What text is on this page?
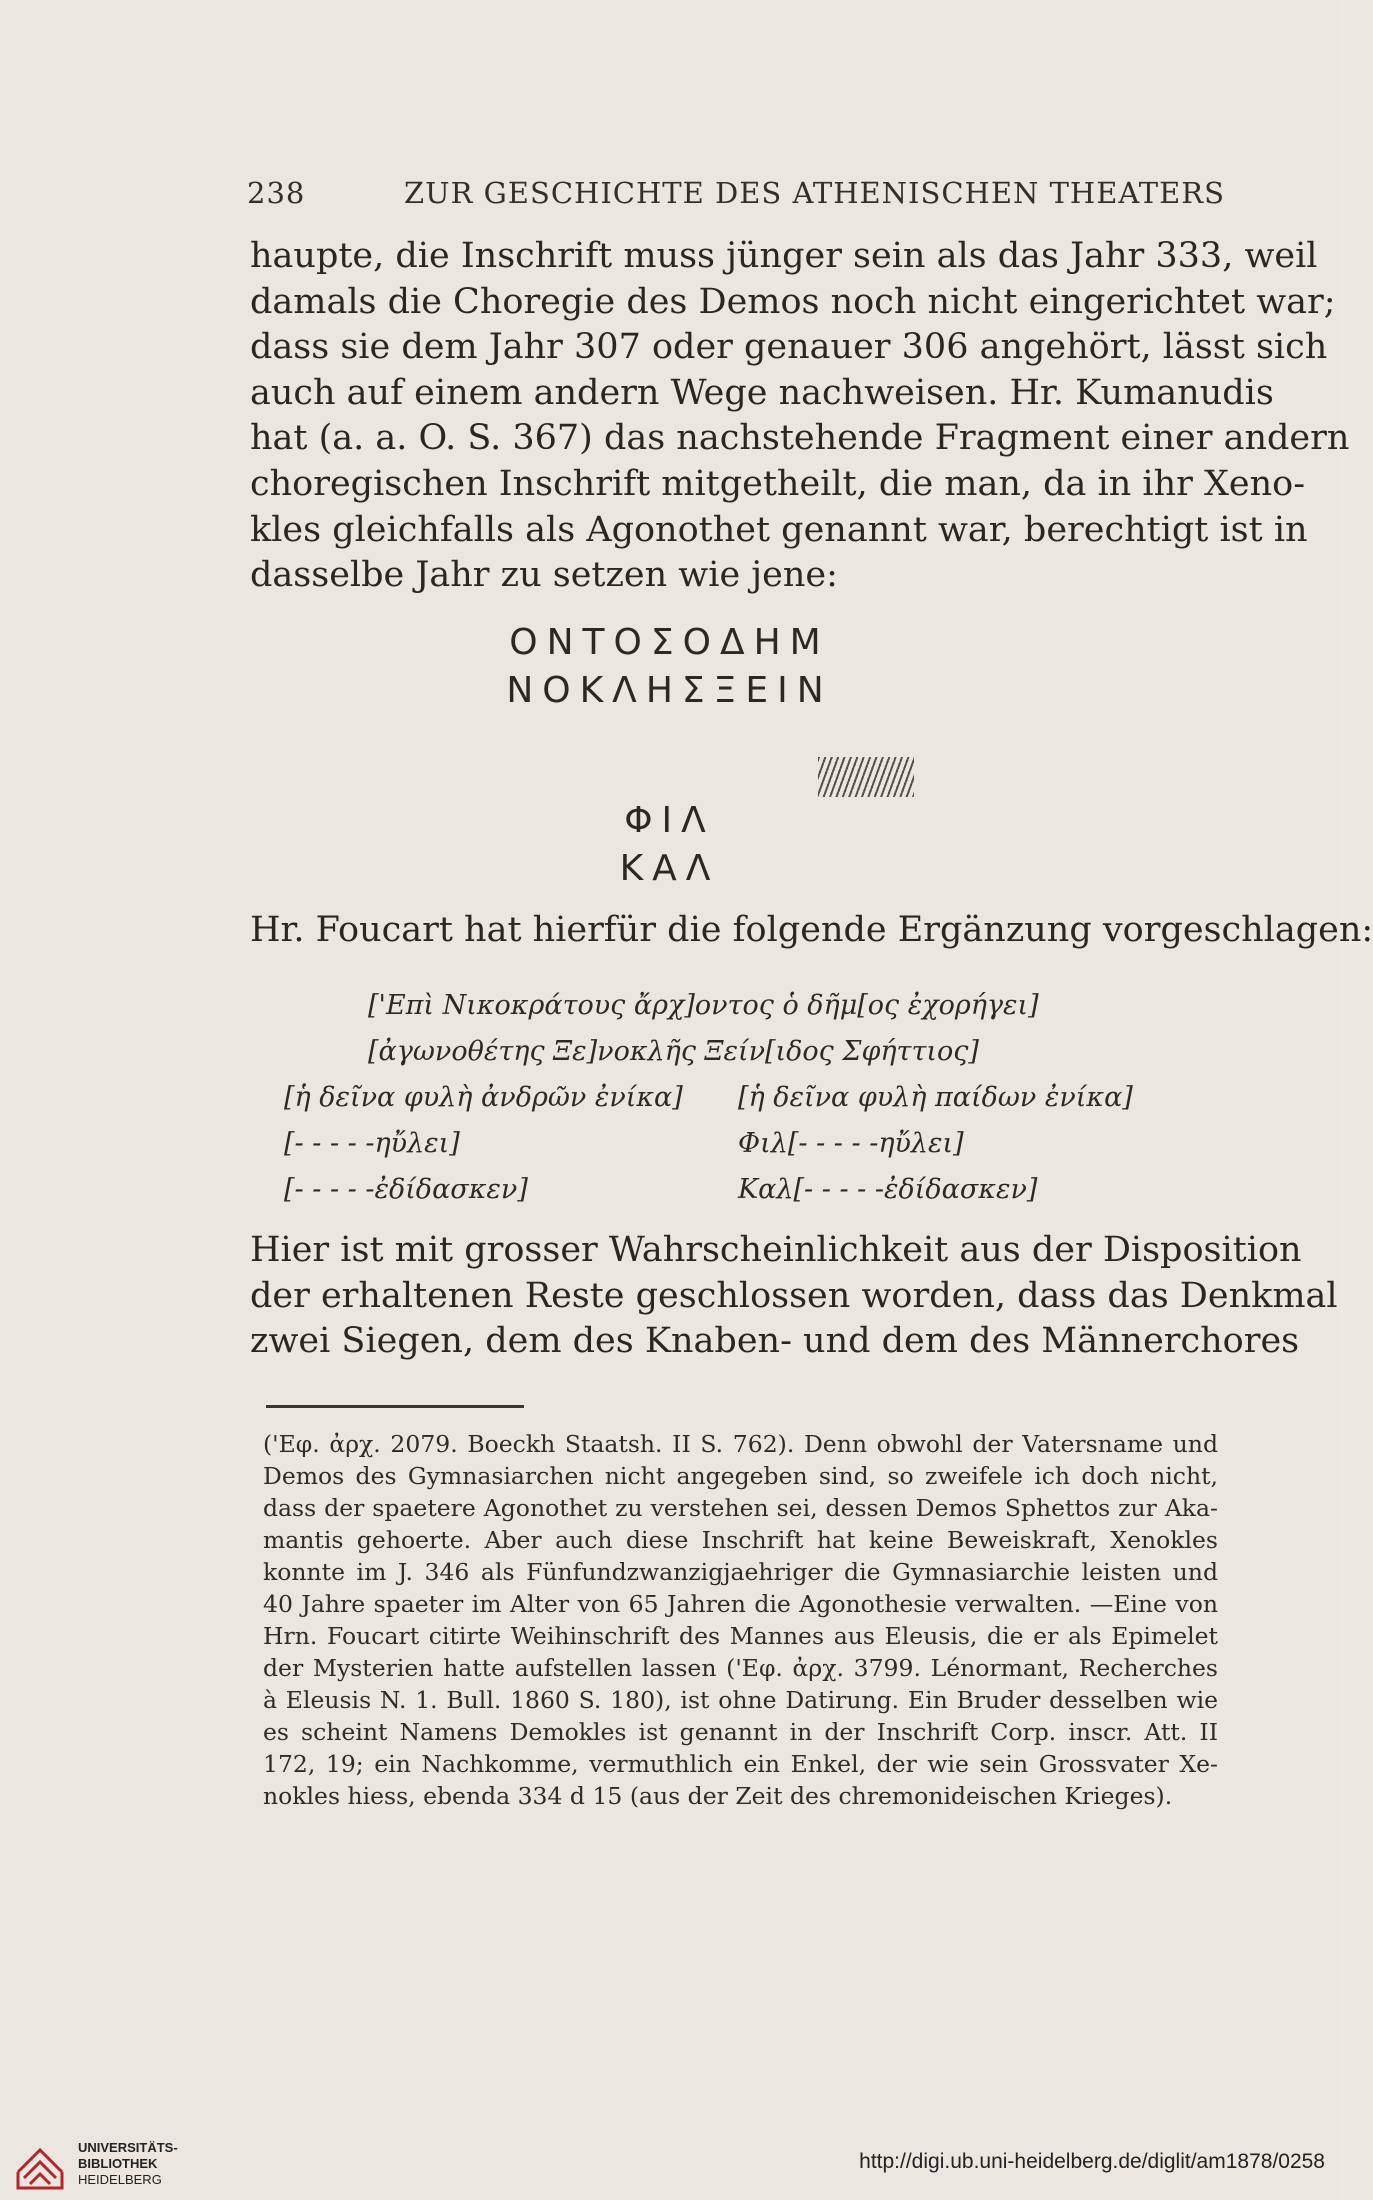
238	ZUR GESCHICHTE DES ATHENISCHEN THEATERS
haupte, die Inschrift muss jünger sein als das Jahr 333, weil
damals die Choregie des Demos noch nicht eingerichtet war;
dass sie dem Jahr 307 oder genauer 306 angehört, lässt sich
auch auf einem andern Wege nachweisen. Hr. Kumanudis
hat (a. a. O. S. 367) das nachstehende Fragment einer andern
choregischen Inschrift mitgetheilt, die man, da in ihr Xeno-
kles gleichfalls als Agonothet genannt war, berechtigt ist in
dasselbe Jahr zu setzen wie jene:
ΟΝΤΟΣΟΔΗΜ
ΝΟΚΛΗΣΞΕΙΝ
ΦΙΛ
ΚΑΛ
Hr. Foucart hat hierfür die folgende Ergänzung vorgeschlagen:
['Επὶ Νικοκράτους ἄρχ]οντος ὁ δῆμ[ος ἐχορήγει]
[ἀγωνοθέτης Ξε]νοκλῆς Ξείν[ιδος Σφήττιος]
[ἡ δεῖνα φυλὴ ἀνδρῶν ἐνίκα] [ἡ δεῖνα φυλὴ παίδων ἐνίκα]
[- - - - -ηὔλει]	Φιλ[- - - - -ηὔλει]
[- - - - -ἐδίδασκεν]	Καλ[- - - - -ἐδίδασκεν]
Hier ist mit grosser Wahrscheinlichkeit aus der Disposition
der erhaltenen Reste geschlossen worden, dass das Denkmal
zwei Siegen, dem des Knaben- und dem des Männerchores
('Εφ. ἀρχ. 2079. Boeckh Staatsh. II S. 762). Denn obwohl der Vatersname und
Demos des Gymnasiarchen nicht angegeben sind, so zweifele ich doch nicht,
dass der spaetere Agonothet zu verstehen sei, dessen Demos Sphettos zur Aka-
mantis gehoerte. Aber auch diese Inschrift hat keine Beweiskraft, Xenokles
konnte im J. 346 als Fünfundzwanzigjaehriger die Gymnasiarchie leisten und
40 Jahre spaeter im Alter von 65 Jahren die Agonothesie verwalten. —Eine von
Hrn. Foucart citirte Weihinschrift des Mannes aus Eleusis, die er als Epimelet
der Mysterien hatte aufstellen lassen ('Εφ. ἀρχ. 3799. Lénormant, Recherches
à Eleusis N. 1. Bull. 1860 S. 180), ist ohne Datirung. Ein Bruder desselben wie
es scheint Namens Demokles ist genannt in der Inschrift Corp. inscr. Att. II
172, 19; ein Nachkomme, vermuthlich ein Enkel, der wie sein Grossvater Xe-
nokles hiess, ebenda 334 d 15 (aus der Zeit des chremonideischen Krieges).
UNIVERSITÄTS-
BIBLIOTHEK
HEIDELBERG
http://digi.ub.uni-heidelberg.de/diglit/am1878/0258
